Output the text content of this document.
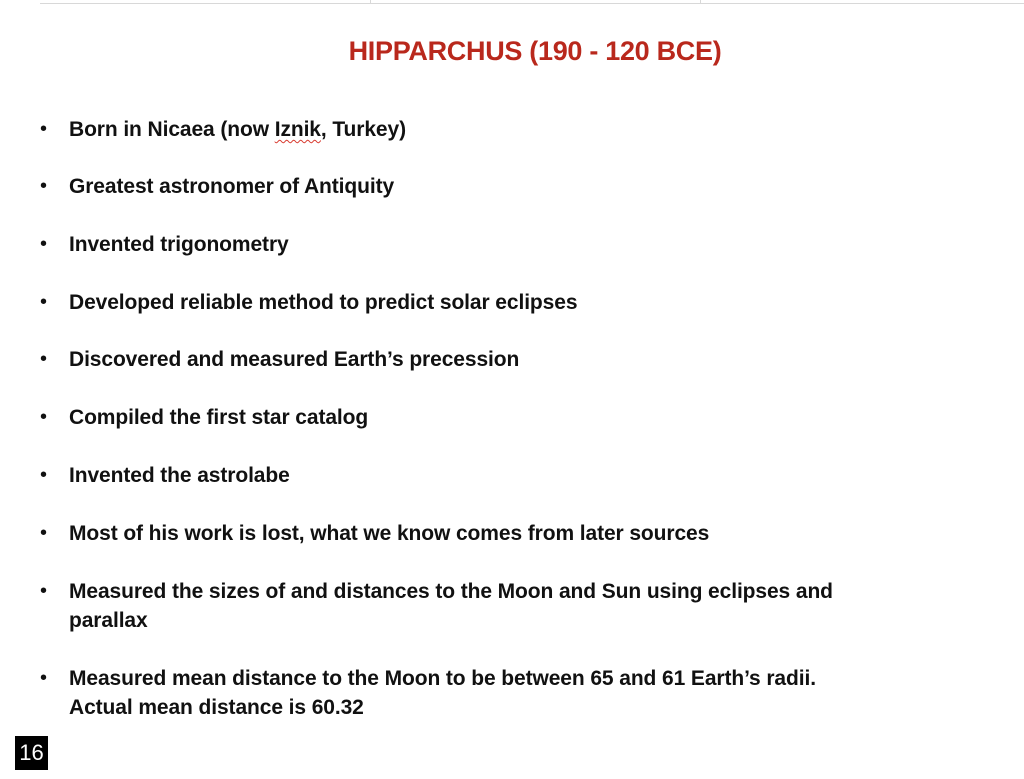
HIPPARCHUS (190 - 120 BCE)
• Born in Nicaea (now Iznik, Turkey)
• Greatest astronomer of Antiquity
• Invented trigonometry
• Developed reliable method to predict solar eclipses
• Discovered and measured Earth’s precession
• Compiled the first star catalog
• Invented the astrolabe
• Most of his work is lost, what we know comes from later sources
• Measured the sizes of and distances to the Moon and Sun using eclipses and
parallax
• Measured mean distance to the Moon to be between 65 and 61 Earth’s radii.
Actual mean distance is 60.32
16
